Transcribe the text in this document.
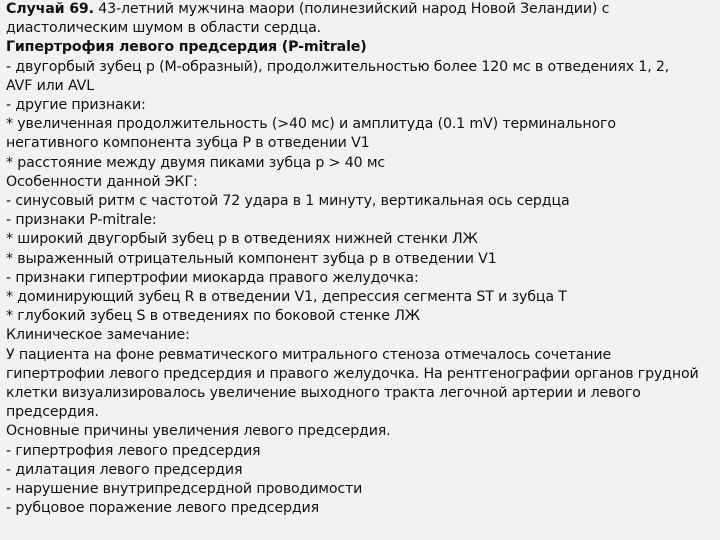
Случай 69. 43-летний мужчина маори (полинезийский народ Новой Зеландии) с диастолическим шумом в области сердца.
Гипертрофия левого предсердия (P-mitrale)
- двугорбый зубец р (М-образный), продолжительностью более 120 мс в отведениях 1, 2, AVF или AVL
- другие признаки:
* увеличенная продолжительность (>40 мс) и амплитуда (0.1 mV) терминального негативного компонента зубца Р в отведении V1
* расстояние между двумя пиками зубца р > 40 мс
Особенности данной ЭКГ:
- синусовый ритм с частотой 72 удара в 1 минуту, вертикальная ось сердца
- признаки P-mitrale:
* широкий двугорбый зубец р в отведениях нижней стенки ЛЖ
* выраженный отрицательный компонент зубца р в отведении V1
- признаки гипертрофии миокарда правого желудочка:
* доминирующий зубец R в отведении V1, депрессия сегмента ST и зубца T
* глубокий зубец S в отведениях по боковой стенке ЛЖ
Клиническое замечание:
У пациента на фоне ревматического митрального стеноза отмечалось сочетание гипертрофии левого предсердия и правого желудочка. На рентгенографии органов грудной клетки визуализировалось увеличение выходного тракта легочной артерии и левого предсердия.
Основные причины увеличения левого предсердия.
- гипертрофия левого предсердия
- дилатация левого предсердия
- нарушение внутрипредсердной проводимости
- рубцовое поражение левого предсердия
